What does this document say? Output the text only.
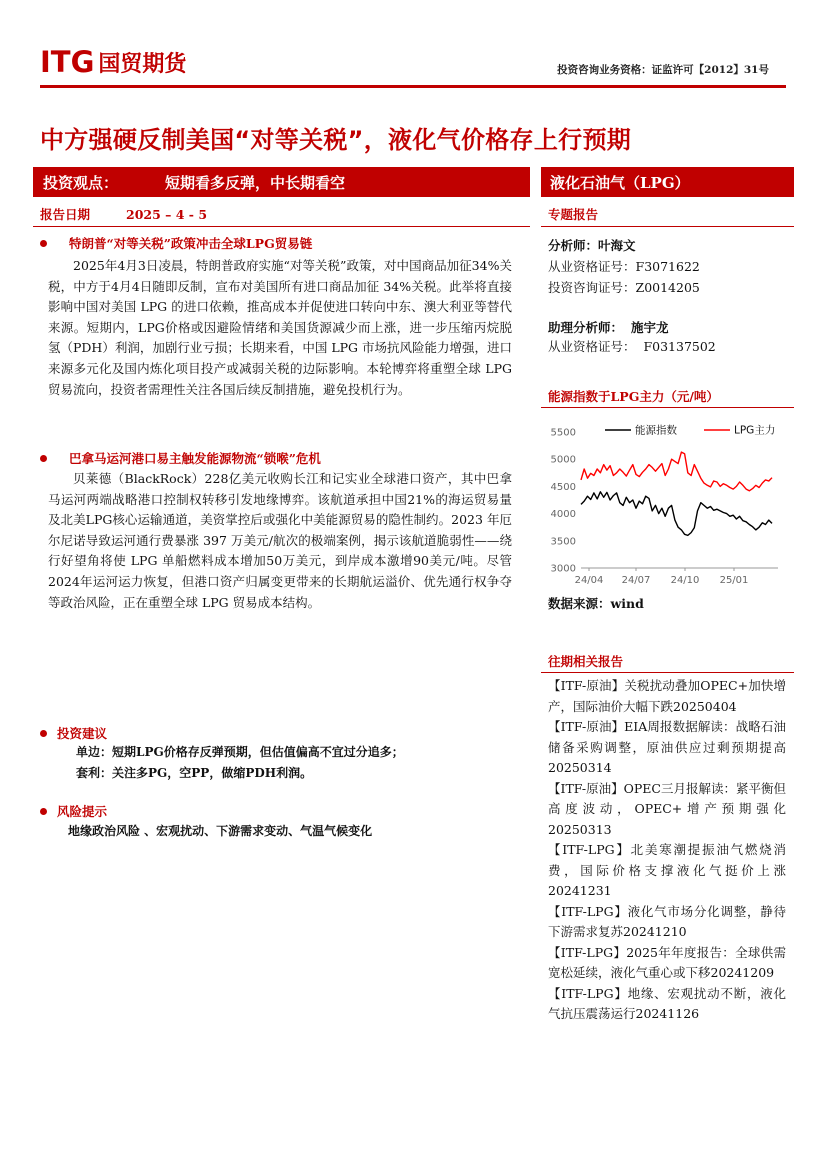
ITG 国贸期货	投资咨询业务资格：证监许可【2012】31号
中方强硬反制美国“对等关税”，液化气价格存上行预期
投资观点：	短期看多反弹，中长期看空
报告日期	2025 – 4 - 5
液化石油气（LPG）
专题报告
特朗普“对等关税”政策冲击全球LPG贸易链

2025年4月3日凌晨，特朗普政府实施“对等关税”政策，对中国商品加征34%关税，中方于4月4日随即反制，宣布对美国所有进口商品加征 34%关税。此举将直接影响中国对美国 LPG 的进口依赖，推高成本并促使进口转向中东、澳大利亚等替代来源。短期内，LPG价格或因避险情绪和美国货源减少而上涨，进一步压缩丙烷脱氢（PDH）利润，加剧行业亏损；长期来看，中国 LPG 市场抗风险能力增强，进口来源多元化及国内炼化项目投产或减弱关税的边际影响。本轮博弈将重塑全球 LPG 贸易流向，投资者需理性关注各国后续反制措施，避免投机行为。

巴拿马运河港口易主触发能源物流“锁喉”危机

贝莱德（BlackRock）228亿美元收购长江和记实业全球港口资产，其中巴拿马运河两端战略港口控制权转移引发地缘博弈。该航道承担中国21%的海运贸易量及北美LPG核心运输通道，美资掌控后或强化中美能源贸易的隐性制约。2023 年厄尔尼诺导致运河通行费暴涨 397 万美元/航次的极端案例，揭示该航道脆弱性——绕行好望角将使 LPG 单船燃料成本增加50万美元，到岸成本激增90美元/吨。尽管2024年运河运力恢复，但港口资产归属变更带来的长期航运溢价、优先通行权争夺等政治风险，正在重塑全球 LPG 贸易成本结构。

投资建议
单边：短期LPG价格存反弹预期，但估值偏高不宜过分追多；
套利：关注多PG，空PP，做缩PDH利润。
风险提示
地缘政治风险 、宏观扰动、下游需求变动、气温气候变化
分析师：叶海文
从业资格证号：F3071622
投资咨询证号：Z0014205
助理分析师： 施宇龙
从业资格证号： F03137502
能源指数于LPG主力（元/吨）
3000
3500
4000
4500
5000
5500
24/04 24/07 24/10 25/01
能源指数	LPG主力
数据来源：wind
往期相关报告
【ITF-原油】关税扰动叠加OPEC+加快增产，国际油价大幅下跌20250404
【ITF-原油】EIA周报数据解读：战略石油储备采购调整，原油供应过剩预期提高20250314
【ITF-原油】OPEC三月报解读：紧平衡但高度波动，OPEC+增产预期强化20250313
【ITF-LPG】北美寒潮提振油气燃烧消费，国际价格支撑液化气挺价上涨20241231
【ITF-LPG】液化气市场分化调整，静待下游需求复苏20241210
【ITF-LPG】2025年年度报告：全球供需宽松延续，液化气重心或下移20241209
【ITF-LPG】地缘、宏观扰动不断，液化气抗压震荡运行20241126
